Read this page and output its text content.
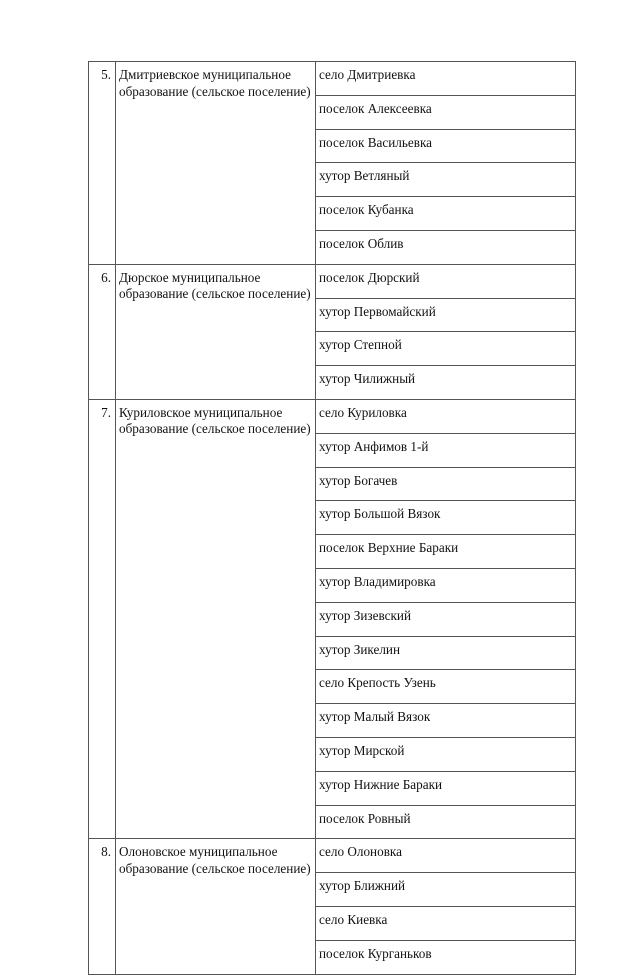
5.	Дмитриевское муниципальное образование (сельское поселение)	село Дмитриевка
		поселок Алексеевка
		поселок Васильевка
		хутор Ветляный
		поселок Кубанка
		поселок Облив
6.	Дюрское муниципальное образование (сельское поселение)	поселок Дюрский
		хутор Первомайский
		хутор Степной
		хутор Чилижный
7.	Куриловское муниципальное образование (сельское поселение)	село Куриловка
		хутор Анфимов 1-й
		хутор Богачев
		хутор Большой Вязок
		поселок Верхние Бараки
		хутор Владимировка
		хутор Зизевский
		хутор Зикелин
		село Крепость Узень
		хутор Малый Вязок
		хутор Мирской
		хутор Нижние Бараки
		поселок Ровный
8.	Олоновское муниципальное образование (сельское поселение)	село Олоновка
		хутор Ближний
		село Киевка
		поселок Курганьков
